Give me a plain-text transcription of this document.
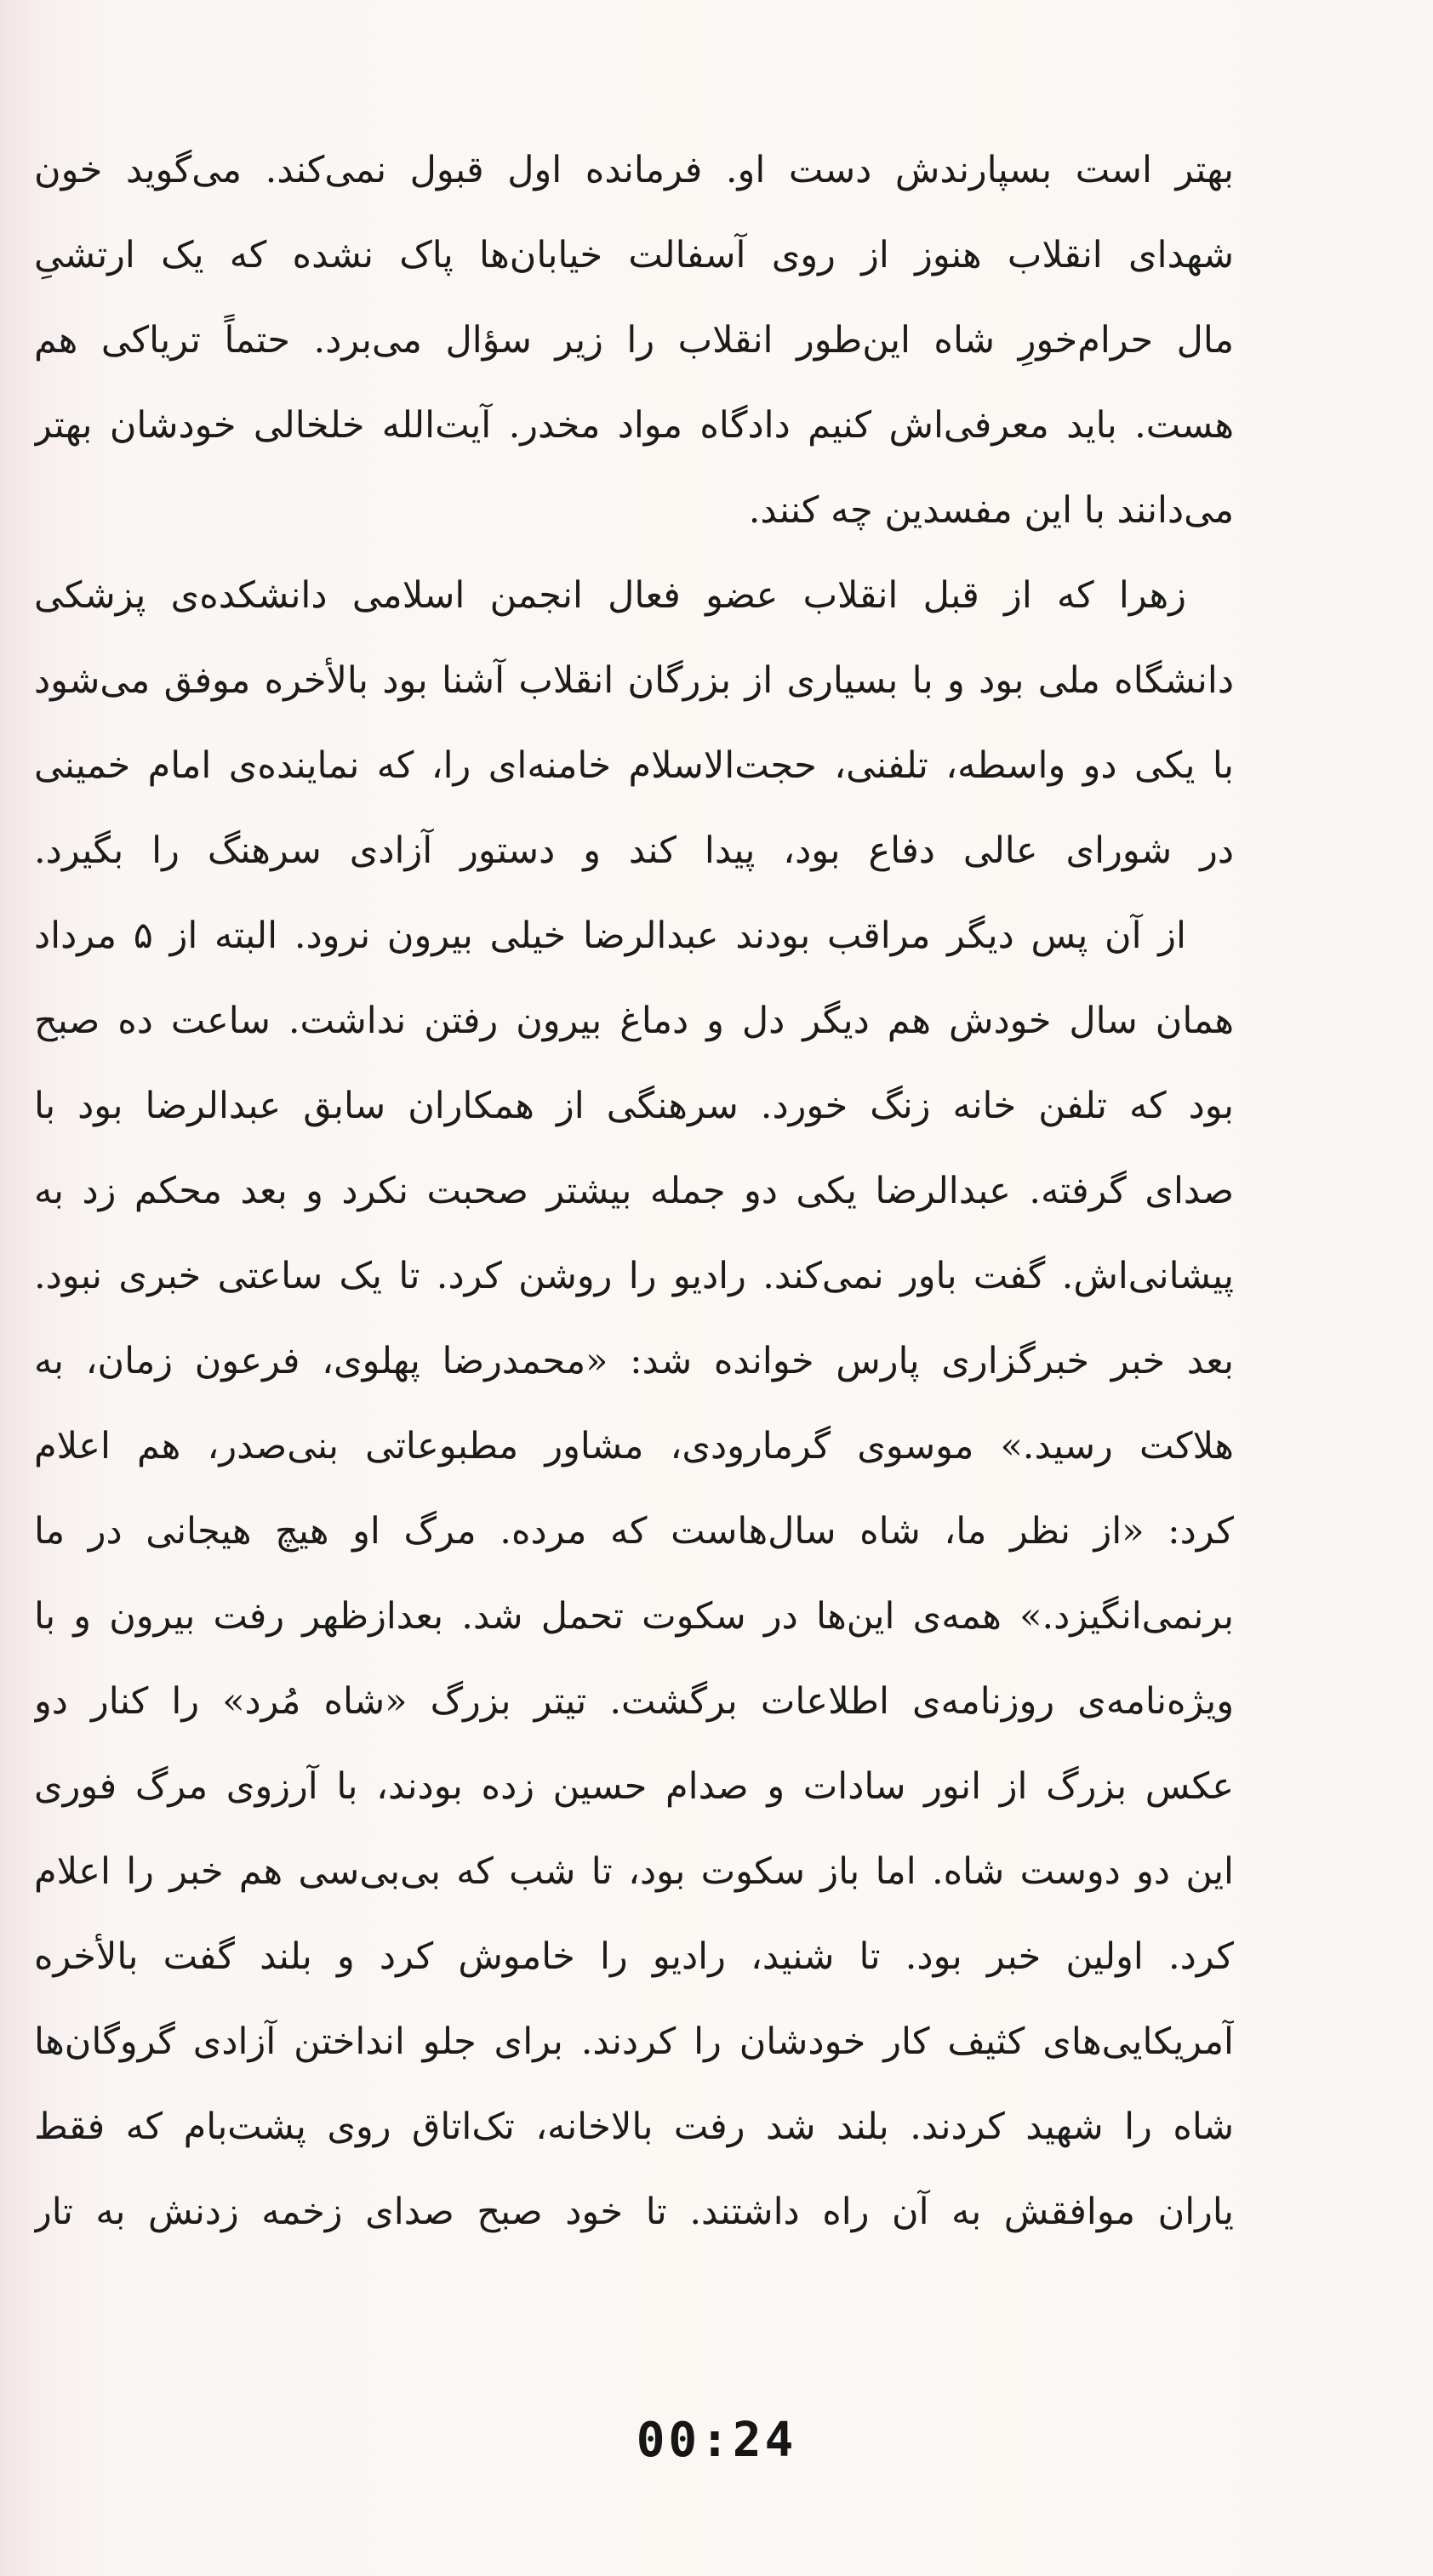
بهتر است بسپارندش دست او. فرمانده اول قبول نمی‌کند. می‌گوید خون
شهدای انقلاب هنوز از روی آسفالت خیابان‌ها پاک نشده که یک ارتشیِ
مال حرام‌خورِ شاه این‌طور انقلاب را زیر سؤال می‌برد. حتماً تریاکی هم
هست. باید معرفی‌اش کنیم دادگاه مواد مخدر. آیت‌الله خلخالی خودشان بهتر
می‌دانند با این مفسدین چه کنند.
زهرا که از قبل انقلاب عضو فعال انجمن اسلامی دانشکده‌ی پزشکی
دانشگاه ملی بود و با بسیاری از بزرگان انقلاب آشنا بود بالأخره موفق می‌شود
با یکی دو واسطه، تلفنی، حجت‌الاسلام خامنه‌ای را، که نماینده‌ی امام خمینی
در شورای عالی دفاع بود، پیدا کند و دستور آزادی سرهنگ را بگیرد.
از آن پس دیگر مراقب بودند عبدالرضا خیلی بیرون نرود. البته از ۵ مرداد
همان سال خودش هم دیگر دل و دماغ بیرون رفتن نداشت. ساعت ده صبح
بود که تلفن خانه زنگ خورد. سرهنگی از همکاران سابق عبدالرضا بود با
صدای گرفته. عبدالرضا یکی دو جمله بیشتر صحبت نکرد و بعد محکم زد به
پیشانی‌اش. گفت باور نمی‌کند. رادیو را روشن کرد. تا یک ساعتی خبری نبود.
بعد خبر خبرگزاری پارس خوانده شد: «محمدرضا پهلوی، فرعون زمان، به
هلاکت رسید.» موسوی گرمارودی، مشاور مطبوعاتی بنی‌صدر، هم اعلام
کرد: «از نظر ما، شاه سال‌هاست که مرده. مرگ او هیچ هیجانی در ما
برنمی‌انگیزد.» همه‌ی این‌ها در سکوت تحمل شد. بعدازظهر رفت بیرون و با
ویژه‌نامه‌ی روزنامه‌ی اطلاعات برگشت. تیتر بزرگ «شاه مُرد» را کنار دو
عکس بزرگ از انور سادات و صدام حسین زده بودند، با آرزوی مرگ فوری
این دو دوست شاه. اما باز سکوت بود، تا شب که بی‌بی‌سی هم خبر را اعلام
کرد. اولین خبر بود. تا شنید، رادیو را خاموش کرد و بلند گفت بالأخره
آمریکایی‌های کثیف کار خودشان را کردند. برای جلو انداختن آزادی گروگان‌ها
شاه را شهید کردند. بلند شد رفت بالاخانه، تک‌اتاق روی پشت‌بام که فقط
یاران موافقش به آن راه داشتند. تا خود صبح صدای زخمه زدنش به تار
00:24
